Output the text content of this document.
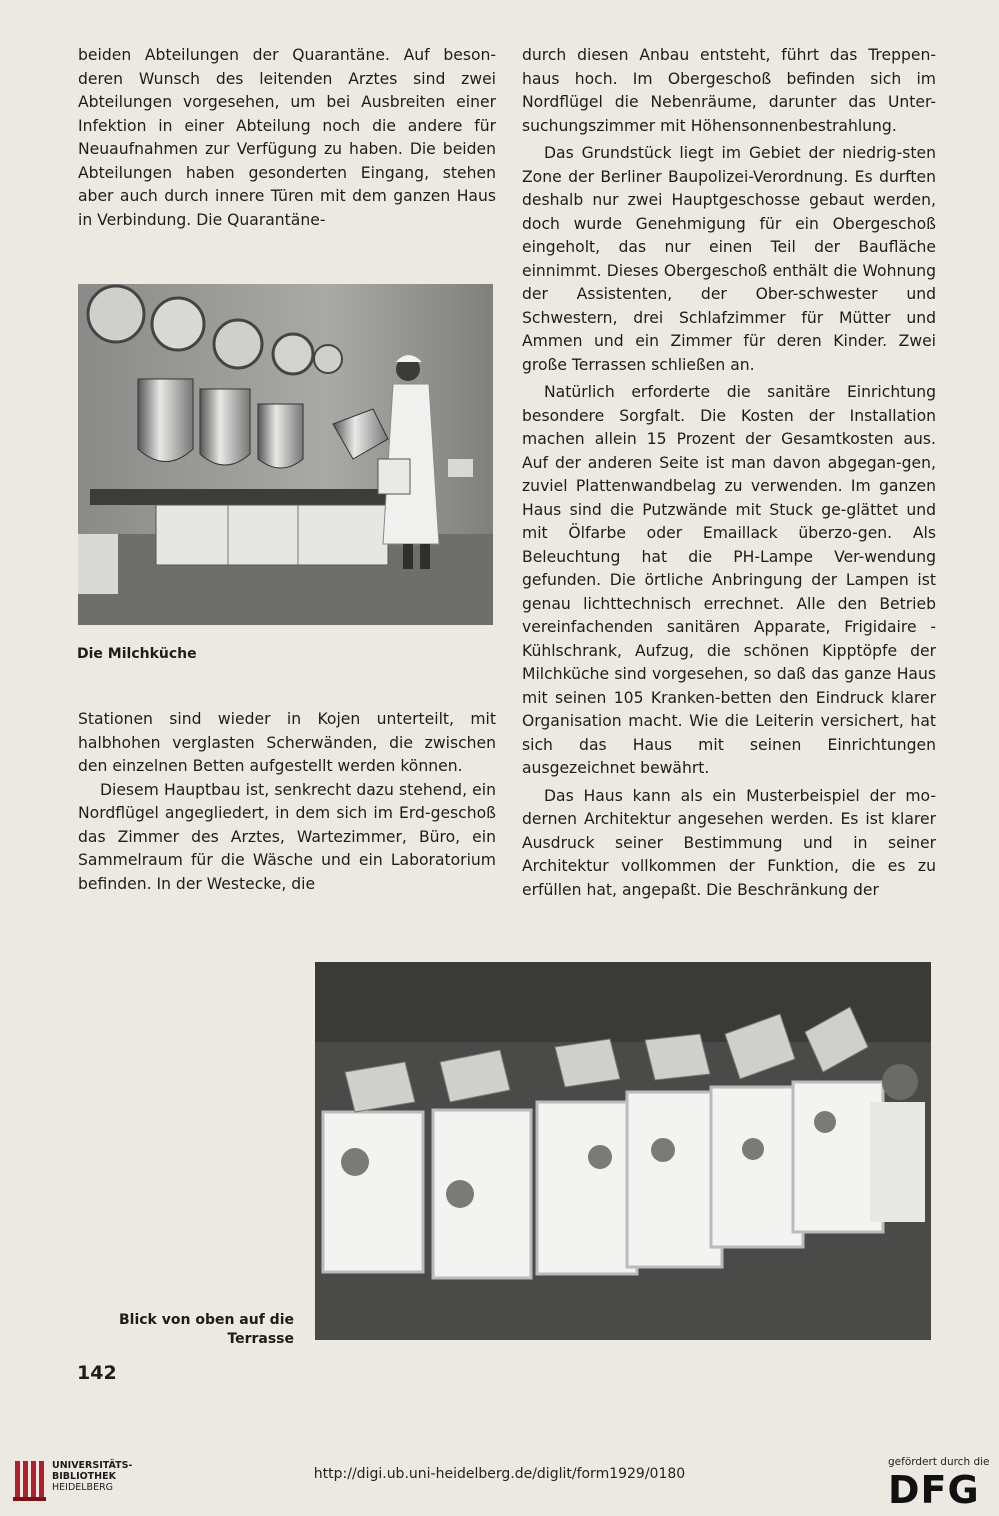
beiden Abteilungen der Quarantäne. Auf beson-deren Wunsch des leitenden Arztes sind zwei Abteilungen vorgesehen, um bei Ausbreiten einer Infektion in einer Abteilung noch die andere für Neuaufnahmen zur Verfügung zu haben. Die beiden Abteilungen haben gesonderten Eingang, stehen aber auch durch innere Türen mit dem ganzen Haus in Verbindung. Die Quarantäne-

Die Milchküche

Stationen sind wieder in Kojen unterteilt, mit halbhohen verglasten Scherwänden, die zwischen den einzelnen Betten aufgestellt werden können.

Diesem Hauptbau ist, senkrecht dazu stehend, ein Nordflügel angegliedert, in dem sich im Erd-geschoß das Zimmer des Arztes, Wartezimmer, Büro, ein Sammelraum für die Wäsche und ein Laboratorium befinden. In der Westecke, die

durch diesen Anbau entsteht, führt das Treppen-haus hoch. Im Obergeschoß befinden sich im Nordflügel die Nebenräume, darunter das Unter-suchungszimmer mit Höhensonnenbestrahlung.

Das Grundstück liegt im Gebiet der niedrig-sten Zone der Berliner Baupolizei-Verordnung. Es durften deshalb nur zwei Hauptgeschosse gebaut werden, doch wurde Genehmigung für ein Obergeschoß eingeholt, das nur einen Teil der Baufläche einnimmt. Dieses Obergeschoß enthält die Wohnung der Assistenten, der Ober-schwester und Schwestern, drei Schlafzimmer für Mütter und Ammen und ein Zimmer für deren Kinder. Zwei große Terrassen schließen an.

Natürlich erforderte die sanitäre Einrichtung besondere Sorgfalt. Die Kosten der Installation machen allein 15 Prozent der Gesamtkosten aus. Auf der anderen Seite ist man davon abgegan-gen, zuviel Plattenwandbelag zu verwenden. Im ganzen Haus sind die Putzwände mit Stuck ge-glättet und mit Ölfarbe oder Emaillack überzo-gen. Als Beleuchtung hat die PH-Lampe Ver-wendung gefunden. Die örtliche Anbringung der Lampen ist genau lichttechnisch errechnet. Alle den Betrieb vereinfachenden sanitären Apparate, Frigidaire - Kühlschrank, Aufzug, die schönen Kipptöpfe der Milchküche sind vorgesehen, so daß das ganze Haus mit seinen 105 Kranken-betten den Eindruck klarer Organisation macht. Wie die Leiterin versichert, hat sich das Haus mit seinen Einrichtungen ausgezeichnet bewährt.

Das Haus kann als ein Musterbeispiel der mo-dernen Architektur angesehen werden. Es ist klarer Ausdruck seiner Bestimmung und in seiner Architektur vollkommen der Funktion, die es zu erfüllen hat, angepaßt. Die Beschränkung der

Blick von oben auf die
Terrasse
142
UNIVERSITÄTS-
BIBLIOTHEK
HEIDELBERG
http://digi.ub.uni-heidelberg.de/diglit/form1929/0180
gefördert durch die
DFG
